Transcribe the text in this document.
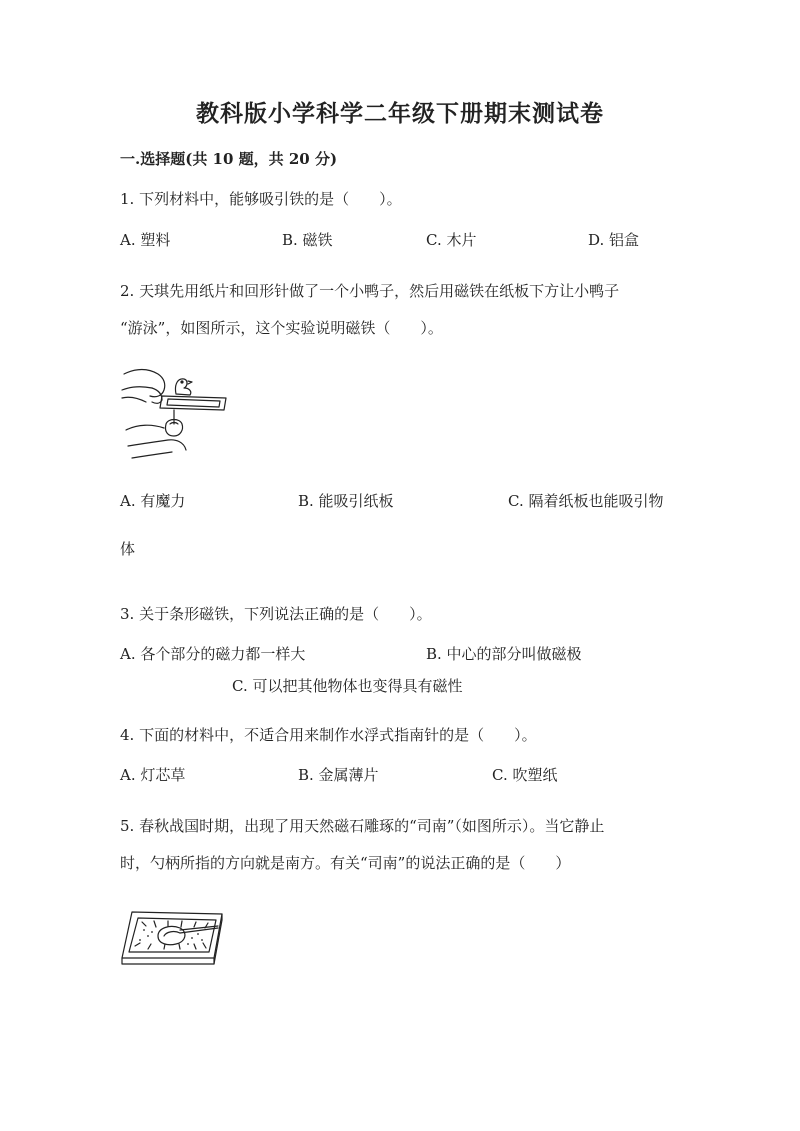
教科版小学科学二年级下册期末测试卷
一.选择题(共 10 题，共 20 分)
1. 下列材料中，能够吸引铁的是（　　）。
A. 塑料	B. 磁铁	C. 木片	D. 铝盒
2. 天琪先用纸片和回形针做了一个小鸭子，然后用磁铁在纸板下方让小鸭子
“游泳”，如图所示，这个实验说明磁铁（　　）。
A. 有魔力	B. 能吸引纸板	C. 隔着纸板也能吸引物
体
3. 关于条形磁铁，下列说法正确的是（　　）。
A. 各个部分的磁力都一样大	B. 中心的部分叫做磁极
C. 可以把其他物体也变得具有磁性
4. 下面的材料中，不适合用来制作水浮式指南针的是（　　）。
A. 灯芯草	B. 金属薄片	C. 吹塑纸
5. 春秋战国时期，出现了用天然磁石雕琢的“司南”（如图所示）。当它静止
时，勺柄所指的方向就是南方。有关“司南”的说法正确的是（　　）
